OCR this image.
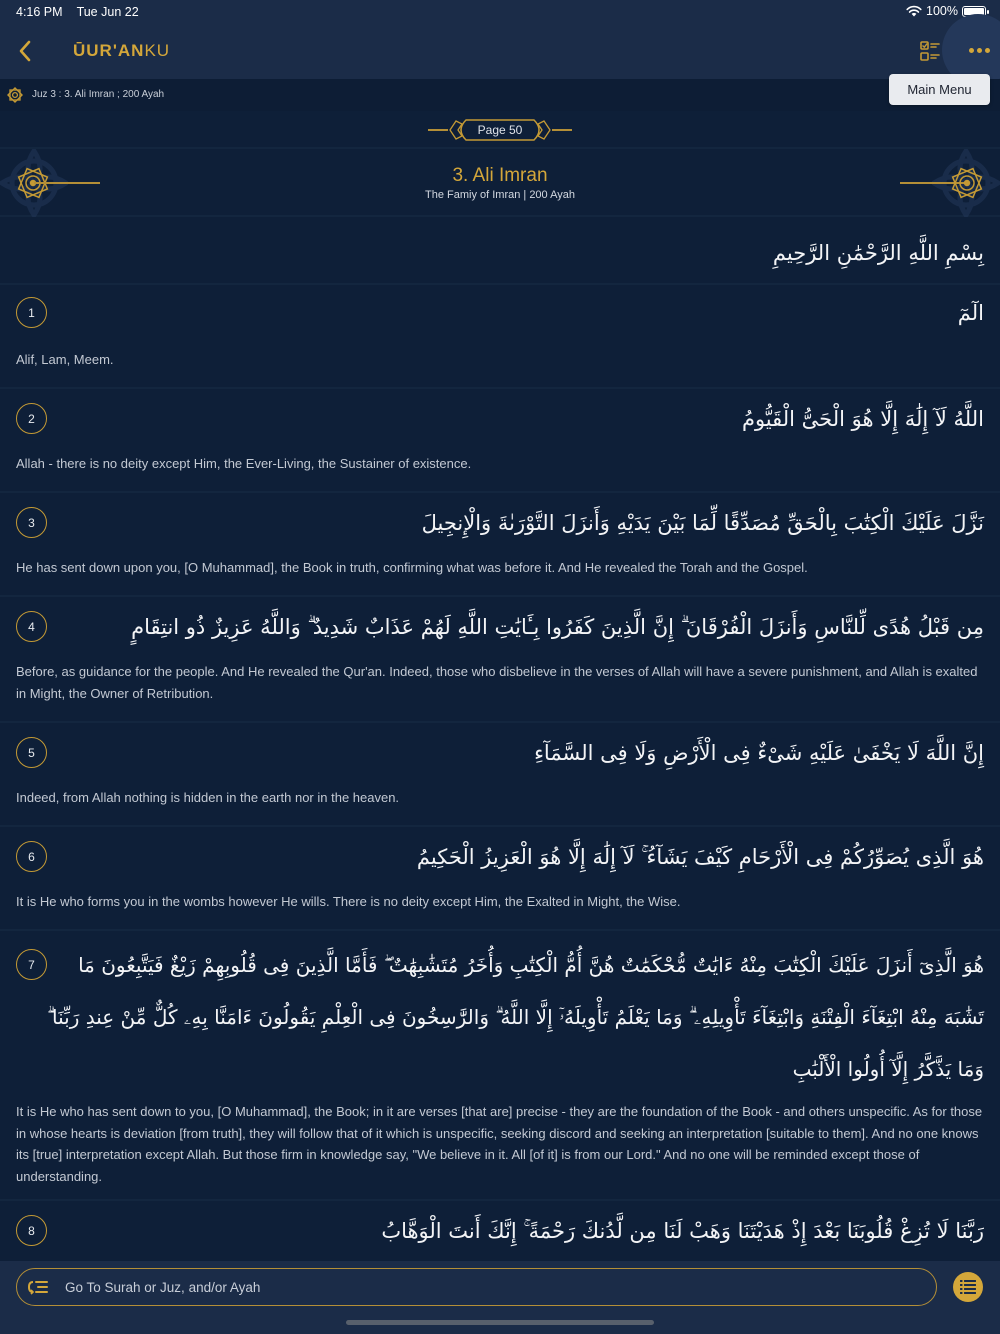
4:16 PM Tue Jun 22	100%
ŪUR'ANKU
Juz 3 : 3. Ali Imran ; 200 Ayah	Main Menu
Page 50
3. Ali Imran
The Famiy of Imran | 200 Ayah
بِسْمِ اللَّهِ الرَّحْمَٰنِ الرَّحِيمِ
1	الٓمٓ
Alif, Lam, Meem.
2	اللَّهُ لَآ إِلَٰهَ إِلَّا هُوَ الْحَىُّ الْقَيُّومُ
Allah - there is no deity except Him, the Ever-Living, the Sustainer of existence.
3	نَزَّلَ عَلَيْكَ الْكِتَٰبَ بِالْحَقِّ مُصَدِّقًا لِّمَا بَيْنَ يَدَيْهِ وَأَنزَلَ التَّوْرَىٰةَ وَالْإِنجِيلَ
He has sent down upon you, [O Muhammad], the Book in truth, confirming what was before it. And He revealed the Torah and the Gospel.
4	مِن قَبْلُ هُدًى لِّلنَّاسِ وَأَنزَلَ الْفُرْقَانَ ۗ إِنَّ الَّذِينَ كَفَرُوا بِـَٔايَٰتِ اللَّهِ لَهُمْ عَذَابٌ شَدِيدٌ ۗ وَاللَّهُ عَزِيزٌ ذُو انتِقَامٍ
Before, as guidance for the people. And He revealed the Qur'an. Indeed, those who disbelieve in the verses of Allah will have a severe punishment, and Allah is exalted in Might, the Owner of Retribution.
5	إِنَّ اللَّهَ لَا يَخْفَىٰ عَلَيْهِ شَىْءٌ فِى الْأَرْضِ وَلَا فِى السَّمَآءِ
Indeed, from Allah nothing is hidden in the earth nor in the heaven.
6	هُوَ الَّذِى يُصَوِّرُكُمْ فِى الْأَرْحَامِ كَيْفَ يَشَآءُ ۚ لَآ إِلَٰهَ إِلَّا هُوَ الْعَزِيزُ الْحَكِيمُ
It is He who forms you in the wombs however He wills. There is no deity except Him, the Exalted in Might, the Wise.
7	هُوَ الَّذِىٓ أَنزَلَ عَلَيْكَ الْكِتَٰبَ مِنْهُ ءَايَٰتٌ مُّحْكَمَٰتٌ هُنَّ أُمُّ الْكِتَٰبِ وَأُخَرُ مُتَشَٰبِهَٰتٌ ۖ فَأَمَّا الَّذِينَ فِى قُلُوبِهِمْ زَيْغٌ فَيَتَّبِعُونَ مَا
تَشَٰبَهَ مِنْهُ ابْتِغَآءَ الْفِتْنَةِ وَابْتِغَآءَ تَأْوِيلِهِۦ ۗ وَمَا يَعْلَمُ تَأْوِيلَهُۥٓ إِلَّا اللَّهُ ۗ وَالرَّٰسِخُونَ فِى الْعِلْمِ يَقُولُونَ ءَامَنَّا بِهِۦ كُلٌّ مِّنْ عِندِ رَبِّنَا ۗ
وَمَا يَذَّكَّرُ إِلَّآ أُولُوا الْأَلْبَٰبِ
It is He who has sent down to you, [O Muhammad], the Book; in it are verses [that are] precise - they are the foundation of the Book - and others unspecific. As for those in whose hearts is deviation [from truth], they will follow that of it which is unspecific, seeking discord and seeking an interpretation [suitable to them]. And no one knows its [true] interpretation except Allah. But those firm in knowledge say, "We believe in it. All [of it] is from our Lord." And no one will be reminded except those of understanding.
8	رَبَّنَا لَا تُزِغْ قُلُوبَنَا بَعْدَ إِذْ هَدَيْتَنَا وَهَبْ لَنَا مِن لَّدُنكَ رَحْمَةً ۚ إِنَّكَ أَنتَ الْوَهَّابُ
Go To Surah or Juz, and/or Ayah
